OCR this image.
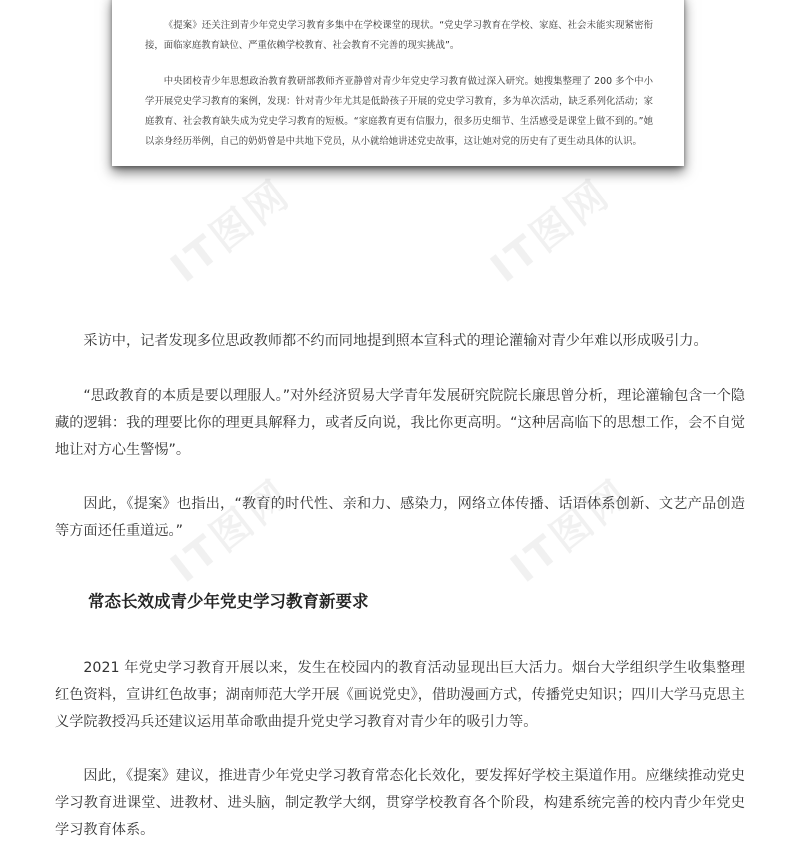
《提案》还关注到青少年党史学习教育多集中在学校课堂的现状。“党史学习教育在学校、家庭、社会未能实现紧密衔接，面临家庭教育缺位、严重依赖学校教育、社会教育不完善的现实挑战”。

中央团校青少年思想政治教育教研部教师齐亚静曾对青少年党史学习教育做过深入研究。她搜集整理了 200 多个中小学开展党史学习教育的案例，发现：针对青少年尤其是低龄孩子开展的党史学习教育，多为单次活动，缺乏系列化活动；家庭教育、社会教育缺失成为党史学习教育的短板。“家庭教育更有信服力，很多历史细节、生活感受是课堂上做不到的。”她以亲身经历举例，自己的奶奶曾是中共地下党员，从小就给她讲述党史故事，这让她对党的历史有了更生动具体的认识。

IT图网	IT图网
IT图网	IT图网

采访中，记者发现多位思政教师都不约而同地提到照本宣科式的理论灌输对青少年难以形成吸引力。

“思政教育的本质是要以理服人。”对外经济贸易大学青年发展研究院院长廉思曾分析，理论灌输包含一个隐藏的逻辑：我的理要比你的理更具解释力，或者反向说，我比你更高明。“这种居高临下的思想工作，会不自觉地让对方心生警惕”。

因此，《提案》也指出，“教育的时代性、亲和力、感染力，网络立体传播、话语体系创新、文艺产品创造等方面还任重道远。”

常态长效成青少年党史学习教育新要求

2021 年党史学习教育开展以来，发生在校园内的教育活动显现出巨大活力。烟台大学组织学生收集整理红色资料，宣讲红色故事；湖南师范大学开展《画说党史》，借助漫画方式，传播党史知识；四川大学马克思主义学院教授冯兵还建议运用革命歌曲提升党史学习教育对青少年的吸引力等。

因此，《提案》建议，推进青少年党史学习教育常态化长效化，要发挥好学校主渠道作用。应继续推动党史学习教育进课堂、进教材、进头脑，制定教学大纲，贯穿学校教育各个阶段，构建系统完善的校内青少年党史学习教育体系。
